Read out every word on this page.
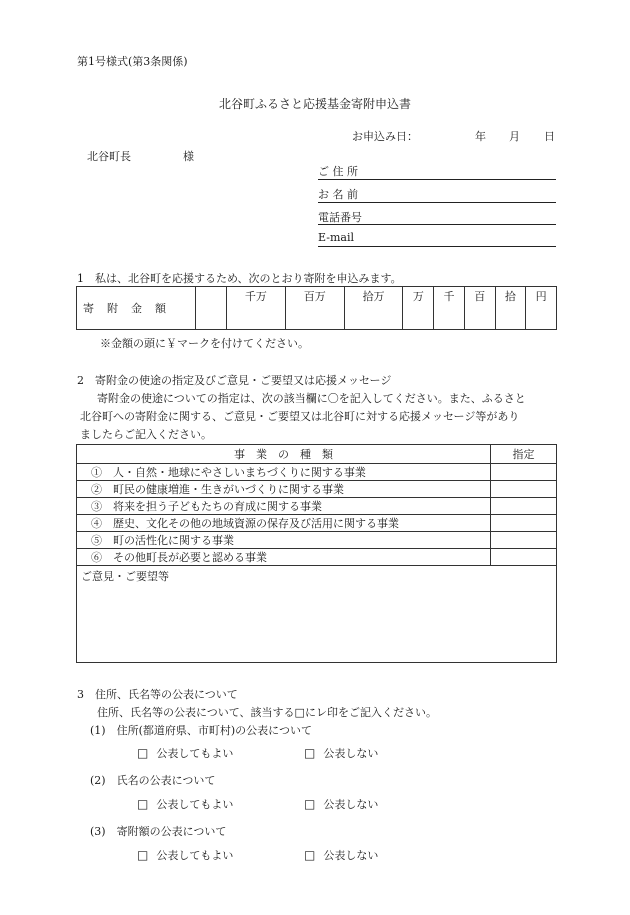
第1号様式(第3条関係)
北谷町ふるさと応援基金寄附申込書
お申込み日：	年 月 日
北谷町長	様
ご 住 所
お 名 前
電話番号
E-mail
1　私は、北谷町を応援するため、次のとおり寄附を申込みます。
寄　附　金　額		千万	百万	拾万	万	千	百	拾	円
※金額の頭に￥マークを付けてください。
2　寄附金の使途の指定及びご意見・ご要望又は応援メッセージ
寄附金の使途についての指定は、次の該当欄に〇を記入してください。また、ふるさと
北谷町への寄附金に関する、ご意見・ご要望又は北谷町に対する応援メッセージ等があり
ましたらご記入ください。
事　業　の　種　類	指定
①　人・自然・地球にやさしいまちづくりに関する事業	
②　町民の健康増進・生きがいづくりに関する事業	
③　将来を担う子どもたちの育成に関する事業	
④　歴史、文化その他の地域資源の保存及び活用に関する事業	
⑤　町の活性化に関する事業	
⑥　その他町長が必要と認める事業	
ご意見・ご要望等	
3　住所、氏名等の公表について
住所、氏名等の公表について、該当する□にレ印をご記入ください。
(1)　住所(都道府県、市町村)の公表について
□ 公表してもよい	□ 公表しない
(2)　氏名の公表について
□ 公表してもよい	□ 公表しない
(3)　寄附額の公表について
□ 公表してもよい	□ 公表しない
